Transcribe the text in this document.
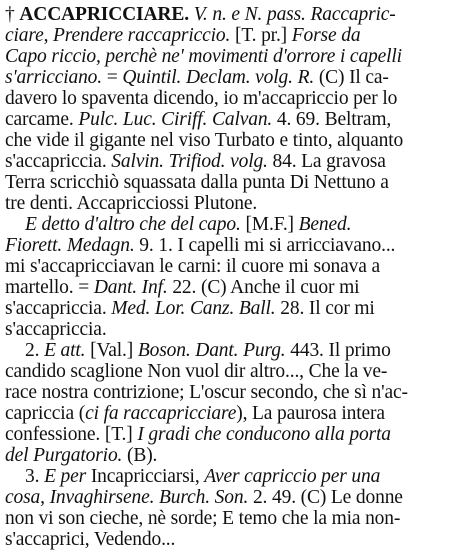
† ACCAPRICCIARE. V. n. e N. pass. Raccapric-
ciare, Prendere raccapriccio. [T. pr.] Forse da
Capo riccio, perchè ne' movimenti d'orrore i capelli
s'arricciano. = Quintil. Declam. volg. R. (C) Il ca-
davero lo spaventa dicendo, io m'accapriccio per lo
carcame. Pulc. Luc. Ciriff. Calvan. 4. 69. Beltram,
che vide il gigante nel viso Turbato e tinto, alquanto
s'accapriccia. Salvin. Trifiod. volg. 84. La gravosa
Terra scricchiò squassata dalla punta Di Nettuno a
tre denti. Accapricciossi Plutone.
E detto d'altro che del capo. [M.F.] Bened.
Fiorett. Medagn. 9. 1. I capelli mi si arricciavano...
mi s'accapricciavan le carni: il cuore mi sonava a
martello. = Dant. Inf. 22. (C) Anche il cuor mi
s'accapriccia. Med. Lor. Canz. Ball. 28. Il cor mi
s'accapriccia.
2. E att. [Val.] Boson. Dant. Purg. 443. Il primo
candido scaglione Non vuol dir altro..., Che la ve-
race nostra contrizione; L'oscur secondo, che sì n'ac-
capriccia (ci fa raccapricciare), La paurosa intera
confessione. [T.] I gradi che conducono alla porta
del Purgatorio. (B).
3. E per Incapricciarsi, Aver capriccio per una
cosa, Invaghirsene. Burch. Son. 2. 49. (C) Le donne
non vi son cieche, nè sorde; E temo che la mia non-
s'accaprici, Vedendo...
